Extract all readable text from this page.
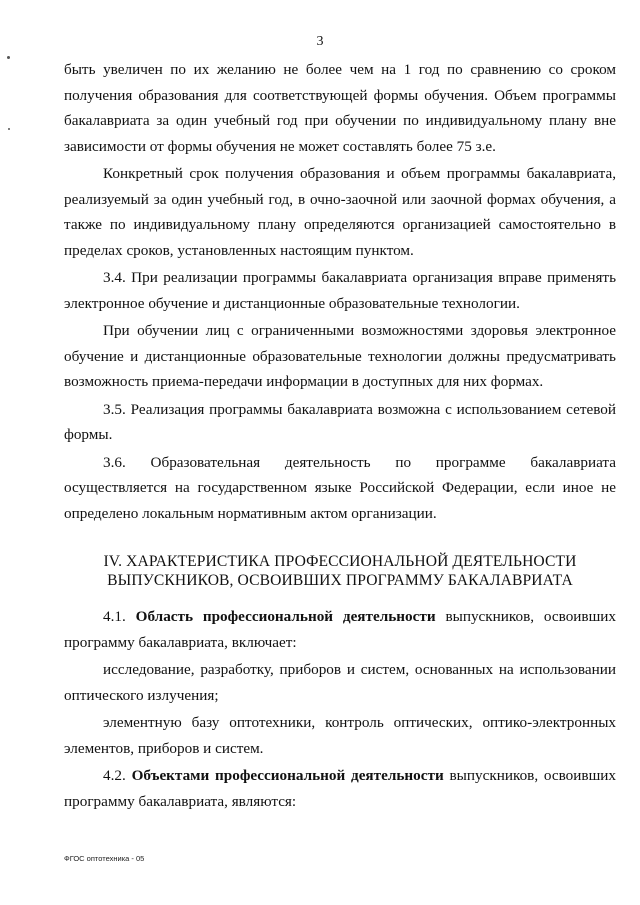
3

быть увеличен по их желанию не более чем на 1 год по сравнению со сроком получения образования для соответствующей формы обучения. Объем программы бакалавриата за один учебный год при обучении по индивидуальному плану вне зависимости от формы обучения не может составлять более 75 з.е.

Конкретный срок получения образования и объем программы бакалавриата, реализуемый за один учебный год, в очно-заочной или заочной формах обучения, а также по индивидуальному плану определяются организацией самостоятельно в пределах сроков, установленных настоящим пунктом.

3.4. При реализации программы бакалавриата организация вправе применять электронное обучение и дистанционные образовательные технологии.

При обучении лиц с ограниченными возможностями здоровья электронное обучение и дистанционные образовательные технологии должны предусматривать возможность приема-передачи информации в доступных для них формах.

3.5. Реализация программы бакалавриата возможна с использованием сетевой формы.

3.6. Образовательная деятельность по программе бакалавриата
осуществляется на государственном языке Российской Федерации, если иное не определено локальным нормативным актом организации.

IV. ХАРАКТЕРИСТИКА ПРОФЕССИОНАЛЬНОЙ ДЕЯТЕЛЬНОСТИ
ВЫПУСКНИКОВ, ОСВОИВШИХ ПРОГРАММУ БАКАЛАВРИАТА

4.1. Область профессиональной деятельности выпускников, освоивших программу бакалавриата, включает:

исследование, разработку, приборов и систем, основанных на использовании оптического излучения;

элементную базу оптотехники, контроль оптических, оптико-электронных элементов, приборов и систем.

4.2. Объектами профессиональной деятельности выпускников, освоивших программу бакалавриата, являются:

ФГОС оптотехника - 05
